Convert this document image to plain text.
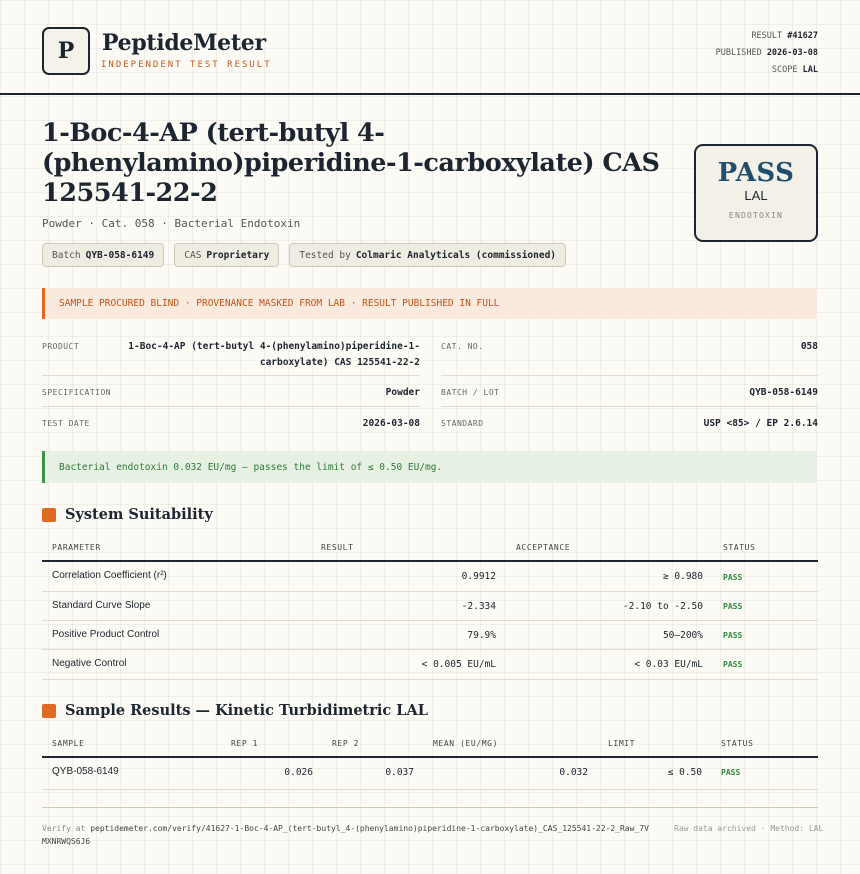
P	PeptideMeter
INDEPENDENT TEST RESULT
RESULT #41627
PUBLISHED 2026-03-08
SCOPE LAL
1-Boc-4-AP (tert-butyl 4-(phenylamino)piperidine-1-carboxylate) CAS 125541-22-2
Powder · Cat. 058 · Bacterial Endotoxin
Batch QYB-058-6149	CAS Proprietary	Tested by Colmaric Analyticals (commissioned)
PASS
LAL
ENDOTOXIN
SAMPLE PROCURED BLIND · PROVENANCE MASKED FROM LAB · RESULT PUBLISHED IN FULL
PRODUCT	1-Boc-4-AP (tert-butyl 4-(phenylamino)piperidine-1-carboxylate) CAS 125541-22-2
CAT. NO.	058
SPECIFICATION	Powder	BATCH / LOT	QYB-058-6149
TEST DATE	2026-03-08	STANDARD	USP <85> / EP 2.6.14
Bacterial endotoxin 0.032 EU/mg — passes the limit of ≤ 0.50 EU/mg.
System Suitability
PARAMETER	RESULT	ACCEPTANCE	STATUS
Correlation Coefficient (r²)	0.9912	≥ 0.980	PASS
Standard Curve Slope	-2.334	-2.10 to -2.50	PASS
Positive Product Control	79.9%	50–200%	PASS
Negative Control	< 0.005 EU/mL	< 0.03 EU/mL	PASS
Sample Results — Kinetic Turbidimetric LAL
SAMPLE	REP 1	REP 2	MEAN (EU/MG)	LIMIT	STATUS
QYB-058-6149	0.026	0.037	0.032	≤ 0.50 PASS
Verify at peptidemeter.com/verify/41627-1-Boc-4-AP_(tert-butyl_4-(phenylamino)piperidine-1-carboxylate)_CAS_125541-22-2_Raw_7VMXNRWQS6J6
Raw data archived · Method: LAL
